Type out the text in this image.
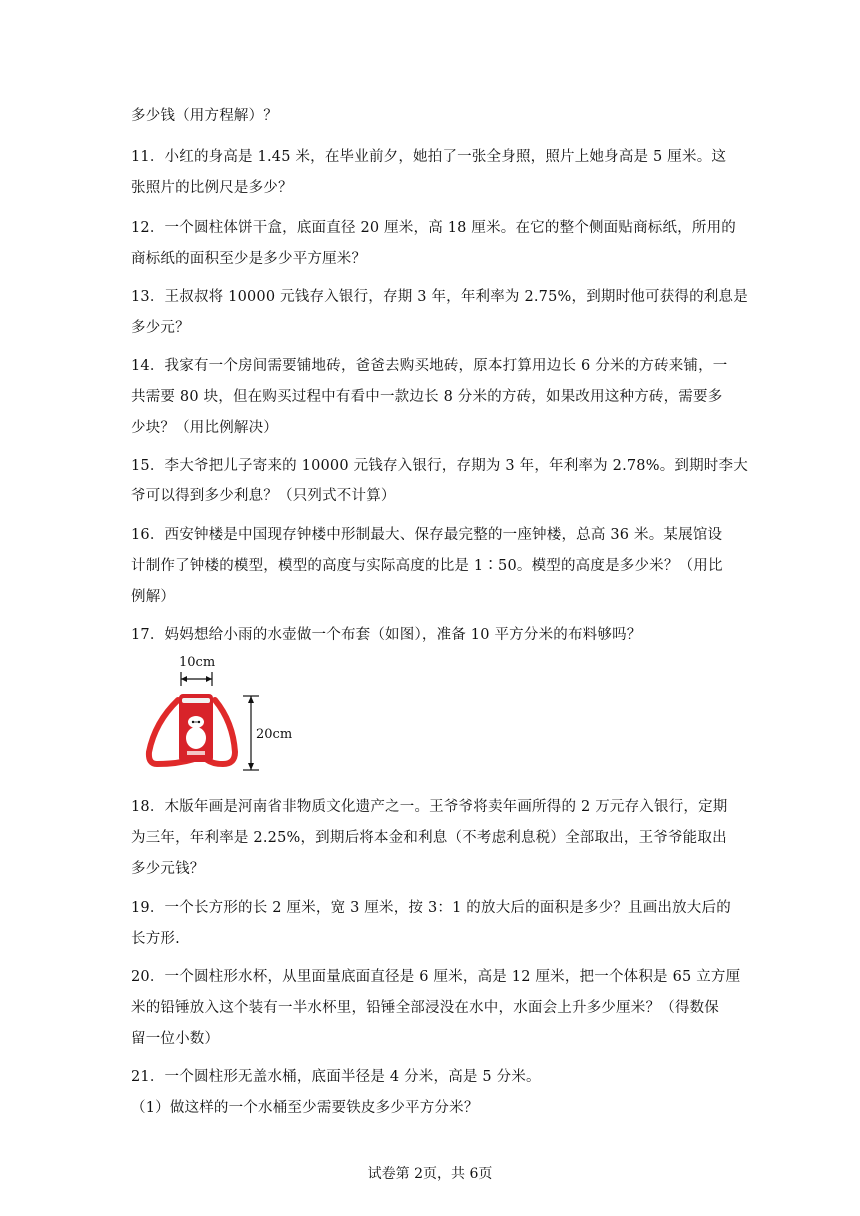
多少钱（用方程解）？
11．小红的身高是 1.45 米，在毕业前夕，她拍了一张全身照，照片上她身高是 5 厘米。这
张照片的比例尺是多少？
12．一个圆柱体饼干盒，底面直径 20 厘米，高 18 厘米。在它的整个侧面贴商标纸，所用的
商标纸的面积至少是多少平方厘米？
13．王叔叔将 10000 元钱存入银行，存期 3 年，年利率为 2.75%，到期时他可获得的利息是
多少元？
14．我家有一个房间需要铺地砖，爸爸去购买地砖，原本打算用边长 6 分米的方砖来铺，一
共需要 80 块，但在购买过程中有看中一款边长 8 分米的方砖，如果改用这种方砖，需要多
少块？（用比例解决）
15．李大爷把儿子寄来的 10000 元钱存入银行，存期为 3 年，年利率为 2.78%。到期时李大
爷可以得到多少利息？（只列式不计算）
16．西安钟楼是中国现存钟楼中形制最大、保存最完整的一座钟楼，总高 36 米。某展馆设
计制作了钟楼的模型，模型的高度与实际高度的比是 1∶50。模型的高度是多少米？（用比
例解）
17．妈妈想给小雨的水壶做一个布套（如图），准备 10 平方分米的布料够吗？
10cm
20cm
18．木版年画是河南省非物质文化遗产之一。王爷爷将卖年画所得的 2 万元存入银行，定期
为三年，年利率是 2.25%，到期后将本金和利息（不考虑利息税）全部取出，王爷爷能取出
多少元钱？
19．一个长方形的长 2 厘米，宽 3 厘米，按 3：1 的放大后的面积是多少？且画出放大后的
长方形.
20．一个圆柱形水杯，从里面量底面直径是 6 厘米，高是 12 厘米，把一个体积是 65 立方厘
米的铅锤放入这个装有一半水杯里，铅锤全部浸没在水中，水面会上升多少厘米？（得数保
留一位小数）
21．一个圆柱形无盖水桶，底面半径是 4 分米，高是 5 分米。
（1）做这样的一个水桶至少需要铁皮多少平方分米？
试卷第 2页，共 6页
